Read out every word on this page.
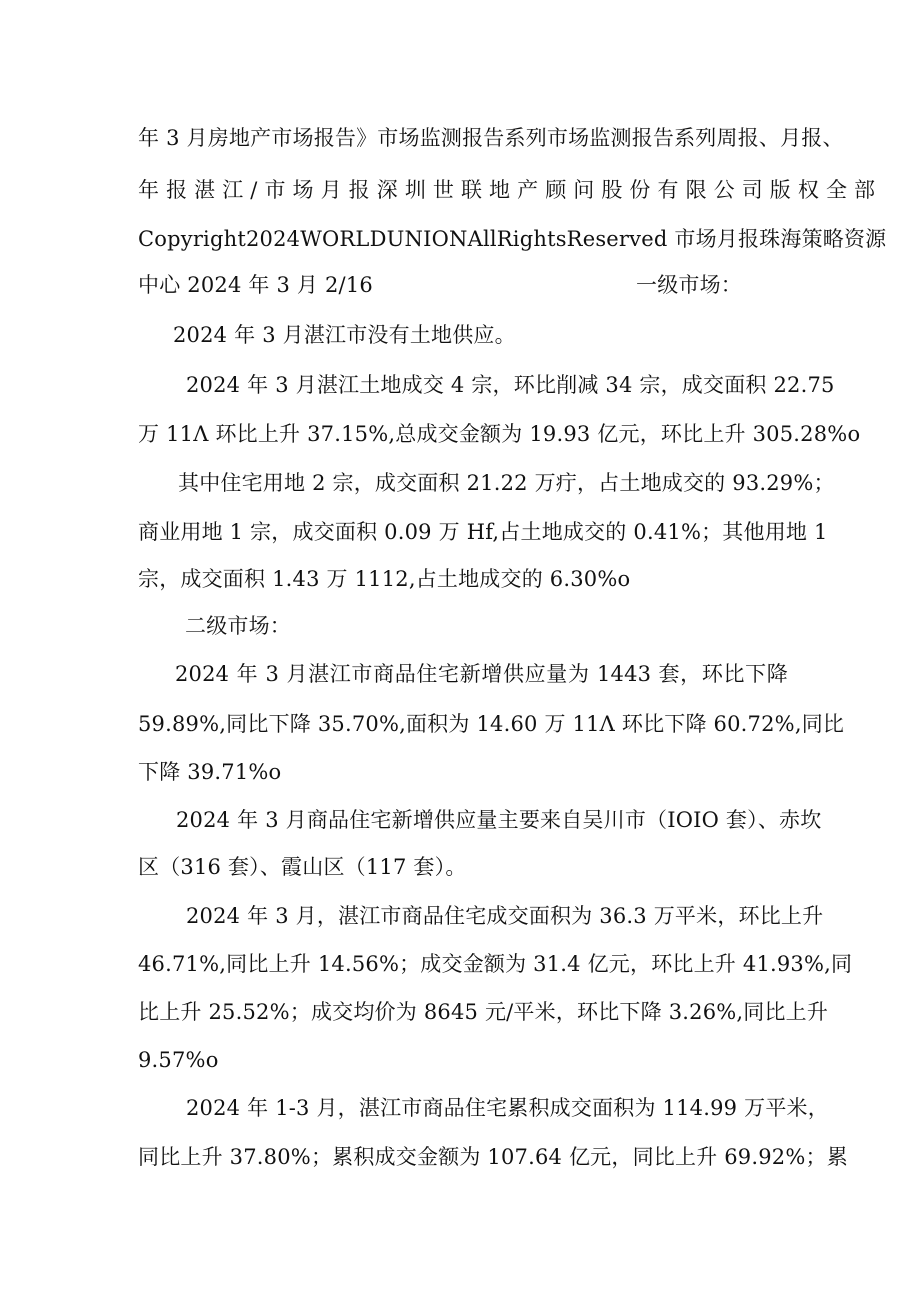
年 3 月房地产市场报告》市场监测报告系列市场监测报告系列周报、月报、
年 报 湛 江 / 市 场 月 报 深 圳 世 联 地 产 顾 问 股 份 有 限 公 司 版 权 全 部
Copyright2024WORLDUNIONAllRightsReserved 市场月报珠海策略资源
中心 2024 年 3 月 2/16	一级市场：
2024 年 3 月湛江市没有土地供应。
2024 年 3 月湛江土地成交 4 宗，环比削减 34 宗，成交面积 22.75
万 11Λ 环比上升 37.15%,总成交金额为 19.93 亿元，环比上升 305.28%o
其中住宅用地 2 宗，成交面积 21.22 万疔，占土地成交的 93.29%；
商业用地 1 宗，成交面积 0.09 万 Hf,占土地成交的 0.41%；其他用地 1
宗，成交面积 1.43 万 1112,占土地成交的 6.30%o
二级市场：
2024 年 3 月湛江市商品住宅新增供应量为 1443 套，环比下降
59.89%,同比下降 35.70%,面积为 14.60 万 11Λ 环比下降 60.72%,同比
下降 39.71%o
2024 年 3 月商品住宅新增供应量主要来自吴川市（IOIO 套）、赤坎
区（316 套）、霞山区（117 套）。
2024 年 3 月，湛江市商品住宅成交面积为 36.3 万平米，环比上升
46.71%,同比上升 14.56%；成交金额为 31.4 亿元，环比上升 41.93%,同
比上升 25.52%；成交均价为 8645 元/平米，环比下降 3.26%,同比上升
9.57%o
2024 年 1-3 月，湛江市商品住宅累积成交面积为 114.99 万平米，
同比上升 37.80%；累积成交金额为 107.64 亿元，同比上升 69.92%；累
